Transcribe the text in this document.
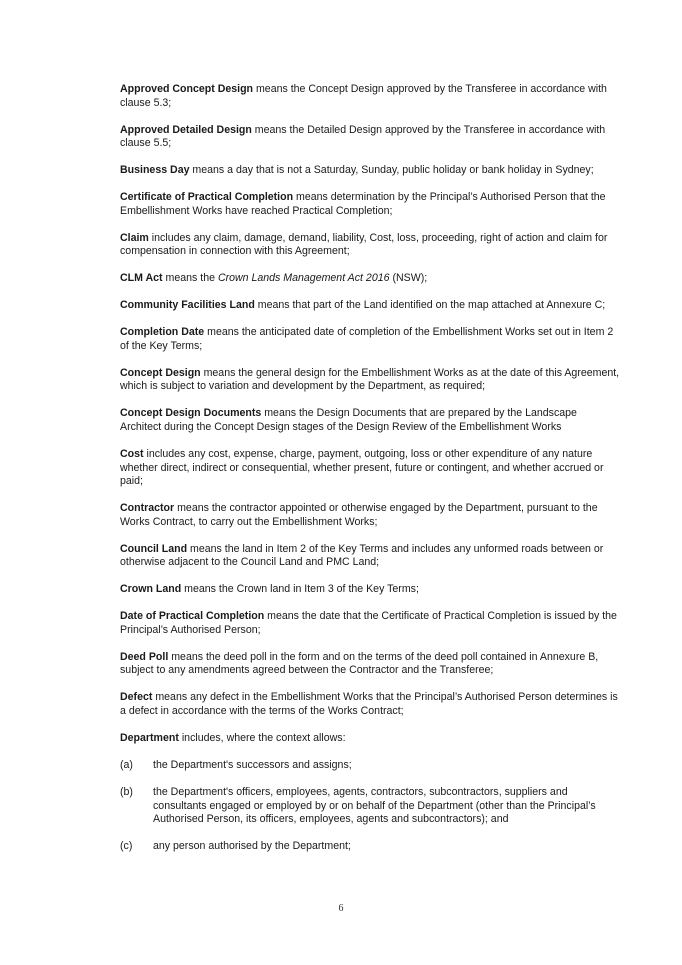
Approved Concept Design means the Concept Design approved by the Transferee in accordance with clause 5.3;

Approved Detailed Design means the Detailed Design approved by the Transferee in accordance with clause 5.5;

Business Day means a day that is not a Saturday, Sunday, public holiday or bank holiday in Sydney;

Certificate of Practical Completion means determination by the Principal’s Authorised Person that the Embellishment Works have reached Practical Completion;

Claim includes any claim, damage, demand, liability, Cost, loss, proceeding, right of action and claim for compensation in connection with this Agreement;

CLM Act means the Crown Lands Management Act 2016 (NSW);

Community Facilities Land means that part of the Land identified on the map attached at Annexure C;

Completion Date means the anticipated date of completion of the Embellishment Works set out in Item 2 of the Key Terms;

Concept Design means the general design for the Embellishment Works as at the date of this Agreement, which is subject to variation and development by the Department, as required;

Concept Design Documents means the Design Documents that are prepared by the Landscape Architect during the Concept Design stages of the Design Review of the Embellishment Works

Cost includes any cost, expense, charge, payment, outgoing, loss or other expenditure of any nature whether direct, indirect or consequential, whether present, future or contingent, and whether accrued or paid;

Contractor means the contractor appointed or otherwise engaged by the Department, pursuant to the Works Contract, to carry out the Embellishment Works;

Council Land means the land in Item 2 of the Key Terms and includes any unformed roads between or otherwise adjacent to the Council Land and PMC Land;

Crown Land means the Crown land in Item 3 of the Key Terms;

Date of Practical Completion means the date that the Certificate of Practical Completion is issued by the Principal’s Authorised Person;

Deed Poll means the deed poll in the form and on the terms of the deed poll contained in Annexure B, subject to any amendments agreed between the Contractor and the Transferee;

Defect means any defect in the Embellishment Works that the Principal’s Authorised Person determines is a defect in accordance with the terms of the Works Contract;

Department includes, where the context allows:

(a) the Department's successors and assigns;
(b) the Department's officers, employees, agents, contractors, subcontractors, suppliers and consultants engaged or employed by or on behalf of the Department (other than the Principal’s Authorised Person, its officers, employees, agents and subcontractors); and
(c) any person authorised by the Department;
6
